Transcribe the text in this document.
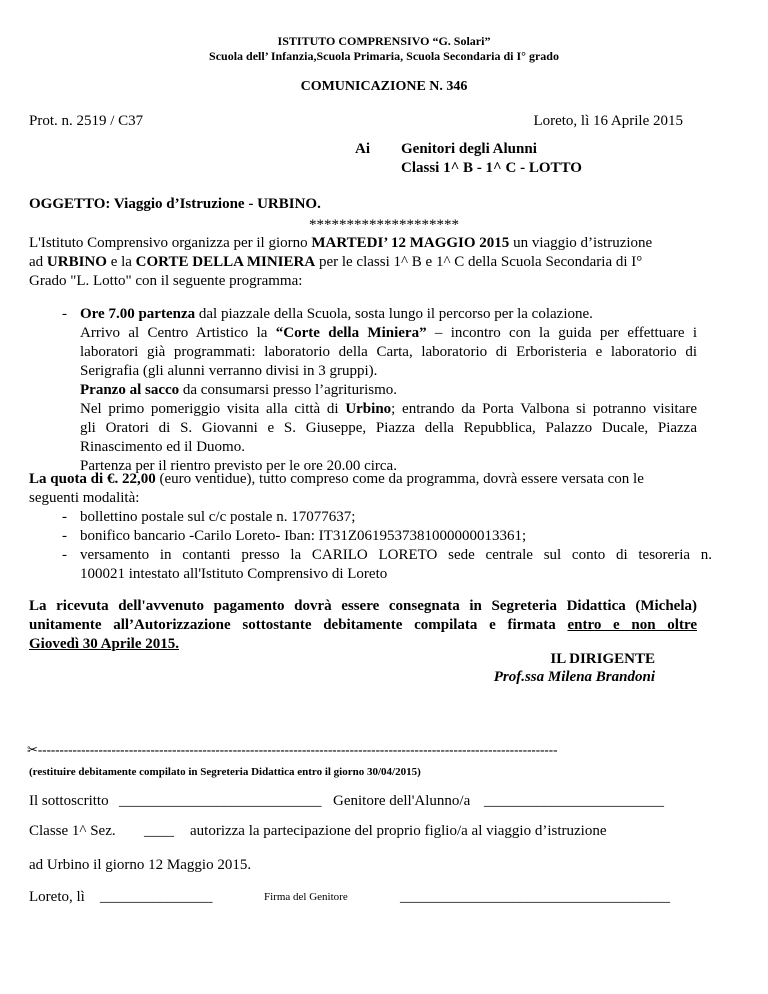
ISTITUTO COMPRENSIVO “G. Solari”
Scuola dell’ Infanzia,Scuola Primaria, Scuola Secondaria di I° grado
COMUNICAZIONE N. 346
Prot. n. 2519 / C37	Loreto, lì 16 Aprile 2015
Ai Genitori degli Alunni
Classi 1^ B - 1^ C - LOTTO
OGGETTO: Viaggio d’Istruzione - URBINO.
********************
L'Istituto Comprensivo organizza per il giorno MARTEDI’ 12 MAGGIO 2015 un viaggio d’istruzione
ad URBINO e la CORTE DELLA MINIERA per le classi 1^ B e 1^ C della Scuola Secondaria di I°
Grado "L. Lotto" con il seguente programma:
- Ore 7.00 partenza dal piazzale della Scuola, sosta lungo il percorso per la colazione.
Arrivo al Centro Artistico la “Corte della Miniera” – incontro con la guida per effettuare i
laboratori già programmati: laboratorio della Carta, laboratorio di Erboristeria e laboratorio di
Serigrafia (gli alunni verranno divisi in 3 gruppi).
Pranzo al sacco da consumarsi presso l’agriturismo.
Nel primo pomeriggio visita alla città di Urbino; entrando da Porta Valbona si potranno visitare
gli Oratori di S. Giovanni e S. Giuseppe, Piazza della Repubblica, Palazzo Ducale, Piazza
Rinascimento ed il Duomo.
Partenza per il rientro previsto per le ore 20.00 circa.
La quota di €. 22,00 (euro ventidue), tutto compreso come da programma, dovrà essere versata con le
seguenti modalità:
- bollettino postale sul c/c postale n. 17077637;
- bonifico bancario -Carilo Loreto- Iban: IT31Z0619537381000000013361;
- versamento in contanti presso la CARILO LORETO sede centrale sul conto di tesoreria n.
100021 intestato all'Istituto Comprensivo di Loreto
La ricevuta dell'avvenuto pagamento dovrà essere consegnata in Segreteria Didattica (Michela)
unitamente all’Autorizzazione sottostante debitamente compilata e firmata entro e non oltre
Giovedì 30 Aprile 2015.
IL DIRIGENTE
Prof.ssa Milena Brandoni
✂------------------------------------------------------------------------------------------------------------------------
(restituire debitamente compilato in Segreteria Didattica entro il giorno 30/04/2015)
Il sottoscritto ___________________________ Genitore dell'Alunno/a ________________________
Classe 1^ Sez. ____ autorizza la partecipazione del proprio figlio/a al viaggio d’istruzione
ad Urbino il giorno 12 Maggio 2015.
Loreto, lì _______________	Firma del Genitore	____________________________________
